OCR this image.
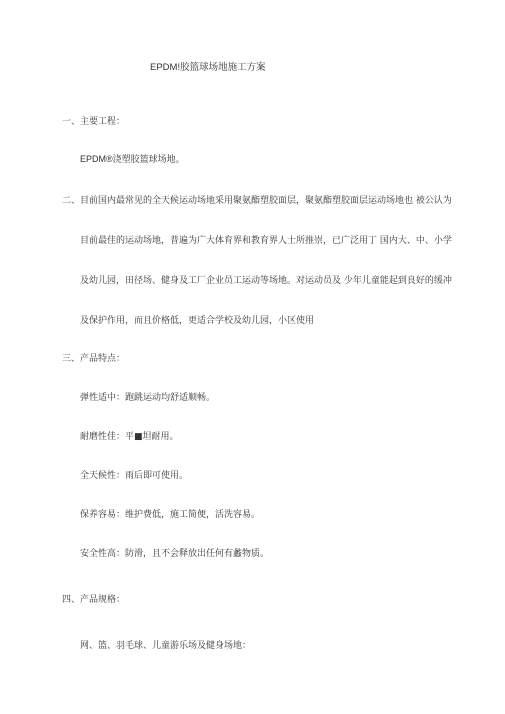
EPDM!胶篮球场地施工方案
一、主要工程：
EPDM®浇塑胶篮球场地。
二、目前国内最常见的全天候运动场地采用聚氨酯塑胶面层，聚氨酯塑胶面层运动场地也 被公认为
目前最佳的运动场地，普遍为广大体育界和教育界人士所推崇，已广泛用丁 国内大、中、小学
及幼儿园，田径场、健身及工厂企业员工运动等场地。对运动员及 少年儿童能起到良好的缓冲
及保护作用，而且价格低，更适合学校及幼儿园，小区使用
三、产品特点：
弹性适中：跑跳运动均舒适顺畅。
耐磨性佳：平■坦耐用。
全天候性：雨后即可使用。
保养容易：维护费低，施工简便，活洗容易。
安全性高：防滑，且不会释放出任何有蠡物质。
四、产品规格：
网、篮、羽毛球、儿童游乐场及健身场地：
